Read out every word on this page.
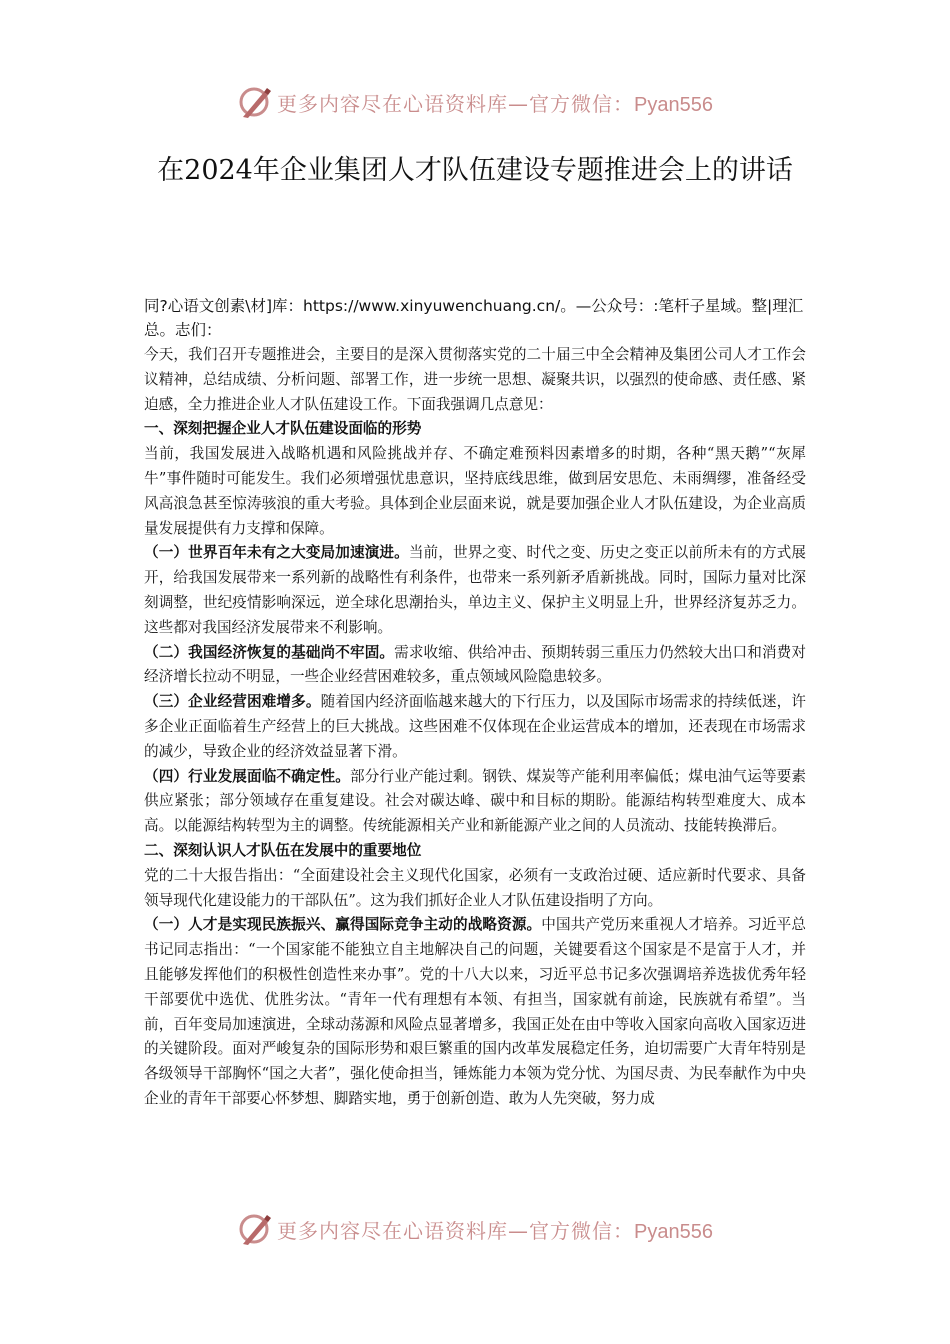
更多内容尽在心语资料库—官方微信：Pyan556
在2024年企业集团人才队伍建设专题推进会上的讲话

同?心语文创素\材]库：https://www.xinyuwenchuang.cn/。—公众号：:笔杆子星域。整|理汇总。志们：

今天，我们召开专题推进会，主要目的是深入贯彻落实党的二十届三中全会精神及集团公司人才工作会议精神，总结成绩、分析问题、部署工作，进一步统一思想、凝聚共识，以强烈的使命感、责任感、紧迫感，全力推进企业人才队伍建设工作。下面我强调几点意见：

一、深刻把握企业人才队伍建设面临的形势

当前，我国发展进入战略机遇和风险挑战并存、不确定难预料因素增多的时期，各种“黑天鹅”“灰犀牛”事件随时可能发生。我们必须增强忧患意识，坚持底线思维，做到居安思危、未雨绸缪，准备经受风高浪急甚至惊涛骇浪的重大考验。具体到企业层面来说，就是要加强企业人才队伍建设，为企业高质量发展提供有力支撑和保障。

（一）世界百年未有之大变局加速演进。当前，世界之变、时代之变、历史之变正以前所未有的方式展开，给我国发展带来一系列新的战略性有利条件，也带来一系列新矛盾新挑战。同时，国际力量对比深刻调整，世纪疫情影响深远，逆全球化思潮抬头，单边主义、保护主义明显上升，世界经济复苏乏力。这些都对我国经济发展带来不利影响。

（二）我国经济恢复的基础尚不牢固。需求收缩、供给冲击、预期转弱三重压力仍然较大出口和消费对经济增长拉动不明显，一些企业经营困难较多，重点领域风险隐患较多。

（三）企业经营困难增多。随着国内经济面临越来越大的下行压力，以及国际市场需求的持续低迷，许多企业正面临着生产经营上的巨大挑战。这些困难不仅体现在企业运营成本的增加，还表现在市场需求的减少，导致企业的经济效益显著下滑。

（四）行业发展面临不确定性。部分行业产能过剩。钢铁、煤炭等产能利用率偏低；煤电油气运等要素供应紧张；部分领域存在重复建设。社会对碳达峰、碳中和目标的期盼。能源结构转型难度大、成本高。以能源结构转型为主的调整。传统能源相关产业和新能源产业之间的人员流动、技能转换滞后。

二、深刻认识人才队伍在发展中的重要地位

党的二十大报告指出：“全面建设社会主义现代化国家，必须有一支政治过硬、适应新时代要求、具备领导现代化建设能力的干部队伍”。这为我们抓好企业人才队伍建设指明了方向。

（一）人才是实现民族振兴、赢得国际竞争主动的战略资源。中国共产党历来重视人才培养。习近平总书记同志指出：“一个国家能不能独立自主地解决自己的问题，关键要看这个国家是不是富于人才，并且能够发挥他们的积极性创造性来办事”。党的十八大以来，习近平总书记多次强调培养选拔优秀年轻干部要优中选优、优胜劣汰。“青年一代有理想有本领、有担当，国家就有前途，民族就有希望”。当前，百年变局加速演进，全球动荡源和风险点显著增多，我国正处在由中等收入国家向高收入国家迈进的关键阶段。面对严峻复杂的国际形势和艰巨繁重的国内改革发展稳定任务，迫切需要广大青年特别是各级领导干部胸怀“国之大者”，强化使命担当，锤炼能力本领为党分忧、为国尽责、为民奉献作为中央企业的青年干部要心怀梦想、脚踏实地，勇于创新创造、敢为人先突破，努力成

更多内容尽在心语资料库—官方微信：Pyan556
